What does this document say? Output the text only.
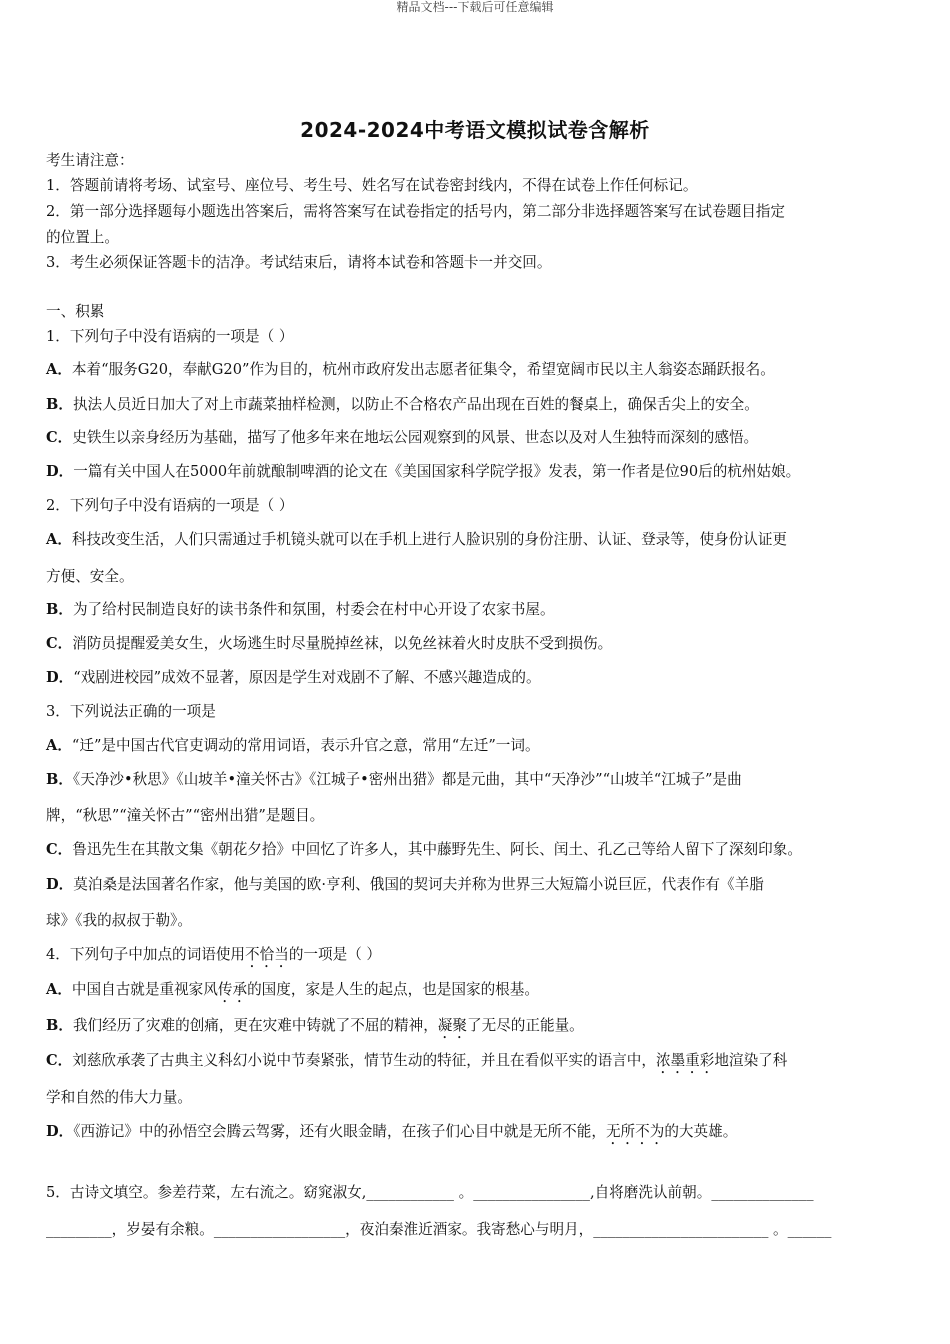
精品文档---下载后可任意编辑
2024-2024中考语文模拟试卷含解析
考生请注意：
1．答题前请将考场、试室号、座位号、考生号、姓名写在试卷密封线内，不得在试卷上作任何标记。
2．第一部分选择题每小题选出答案后，需将答案写在试卷指定的括号内，第二部分非选择题答案写在试卷题目指定
的位置上。
3．考生必须保证答题卡的洁净。考试结束后，请将本试卷和答题卡一并交回。
一、积累
1．下列句子中没有语病的一项是（ ）
A．本着“服务G20，奉献G20”作为目的，杭州市政府发出志愿者征集令，希望宽阔市民以主人翁姿态踊跃报名。
B．执法人员近日加大了对上市蔬菜抽样检测，以防止不合格农产品出现在百姓的餐桌上，确保舌尖上的安全。
C．史铁生以亲身经历为基础，描写了他多年来在地坛公园观察到的风景、世态以及对人生独特而深刻的感悟。
D．一篇有关中国人在5000年前就酿制啤酒的论文在《美国国家科学院学报》发表，第一作者是位90后的杭州姑娘。
2．下列句子中没有语病的一项是（ ）
A．科技改变生活，人们只需通过手机镜头就可以在手机上进行人脸识别的身份注册、认证、登录等，使身份认证更
方便、安全。
B．为了给村民制造良好的读书条件和氛围，村委会在村中心开设了农家书屋。
C．消防员提醒爱美女生，火场逃生时尽量脱掉丝袜，以免丝袜着火时皮肤不受到损伤。
D．“戏剧进校园”成效不显著，原因是学生对戏剧不了解、不感兴趣造成的。
3．下列说法正确的一项是
A．“迁”是中国古代官吏调动的常用词语，表示升官之意，常用“左迁”一词。
B．《天净沙•秋思》《山坡羊•潼关怀古》《江城子•密州出猎》都是元曲，其中“天净沙”“山坡羊“江城子”是曲
牌，“秋思”“潼关怀古”“密州出猎”是题目。
C．鲁迅先生在其散文集《朝花夕拾》中回忆了许多人，其中藤野先生、阿长、闰土、孔乙己等给人留下了深刻印象。
D．莫泊桑是法国著名作家，他与美国的欧·亨利、俄国的契诃夫并称为世界三大短篇小说巨匠，代表作有《羊脂
球》《我的叔叔于勒》。
4．下列句子中加点的词语使用不恰当的一项是（ ）
A．中国自古就是重视家风传承的国度，家是人生的起点，也是国家的根基。
B．我们经历了灾难的创痛，更在灾难中铸就了不屈的精神，凝聚了无尽的正能量。
C．刘慈欣承袭了古典主义科幻小说中节奏紧张，情节生动的特征，并且在看似平实的语言中，浓墨重彩地渲染了科
学和自然的伟大力量。
D．《西游记》中的孙悟空会腾云驾雾，还有火眼金睛，在孩子们心目中就是无所不能，无所不为的大英雄。
5．古诗文填空。参差荇菜，左右流之。窈窕淑女,____________ 。________________,自将磨洗认前朝。______________
_________，岁晏有余粮。__________________，夜泊秦淮近酒家。我寄愁心与明月，________________________ 。______
